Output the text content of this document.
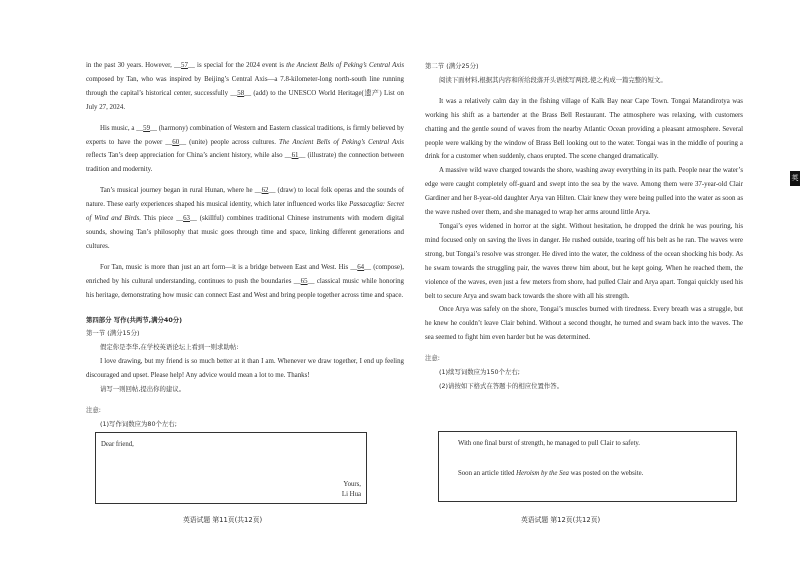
in the past 30 years. However, __57__ is special for the 2024 event is the Ancient Bells of Peking’s Central Axis composed by Tan, who was inspired by Beijing’s Central Axis—a 7.8-kilometer-long north-south line running through the capital’s historical center, successfully __58__ (add) to the UNESCO World Heritage(遗产) List on July 27, 2024.

His music, a __59__ (harmony) combination of Western and Eastern classical traditions, is firmly believed by experts to have the power __60__ (unite) people across cultures. The Ancient Bells of Peking’s Central Axis reflects Tan’s deep appreciation for China’s ancient history, while also __61__ (illustrate) the connection between tradition and modernity.

Tan’s musical journey began in rural Hunan, where he __62__ (draw) to local folk operas and the sounds of nature. These early experiences shaped his musical identity, which later influenced works like Passacaglia: Secret of Wind and Birds. This piece __63__ (skillful) combines traditional Chinese instruments with modern digital sounds, showing Tan’s philosophy that music goes through time and space, linking different generations and cultures.

For Tan, music is more than just an art form—it is a bridge between East and West. His __64__ (compose), enriched by his cultural understanding, continues to push the boundaries __65__ classical music while honoring his heritage, demonstrating how music can connect East and West and bring people together across time and space.

第四部分 写作(共两节,满分40分)

第一节 (满分15分)

假定你是李华,在学校英语论坛上看到一则求助帖:

I love drawing, but my friend is so much better at it than I am. Whenever we draw together, I end up feeling discouraged and upset. Please help! Any advice would mean a lot to me. Thanks!

请写一则回帖,提出你的建议。

注意:

(1)写作词数应为80个左右;

Dear friend,
Yours,
Li Hua
英语试题 第11页(共12页)

第二节 (满分25分)

阅读下面材料,根据其内容和所给段落开头语续写两段,使之构成一篇完整的短文。

It was a relatively calm day in the fishing village of Kalk Bay near Cape Town. Tongai Matandirotya was working his shift as a bartender at the Brass Bell Restaurant. The atmosphere was relaxing, with customers chatting and the gentle sound of waves from the nearby Atlantic Ocean providing a pleasant atmosphere. Several people were walking by the window of Brass Bell looking out to the water. Tongai was in the middle of pouring a drink for a customer when suddenly, chaos erupted. The scene changed dramatically.

A massive wild wave charged towards the shore, washing away everything in its path. People near the water’s edge were caught completely off-guard and swept into the sea by the wave. Among them were 37-year-old Clair Gardiner and her 8-year-old daughter Arya van Hilten. Clair knew they were being pulled into the water as soon as the wave rushed over them, and she managed to wrap her arms around little Arya.

Tongai’s eyes widened in horror at the sight. Without hesitation, he dropped the drink he was pouring, his mind focused only on saving the lives in danger. He rushed outside, tearing off his belt as he ran. The waves were strong, but Tongai’s resolve was stronger. He dived into the water, the coldness of the ocean shocking his body. As he swam towards the struggling pair, the waves threw him about, but he kept going. When he reached them, the violence of the waves, even just a few meters from shore, had pulled Clair and Arya apart. Tongai quickly used his belt to secure Arya and swam back towards the shore with all his strength.

Once Arya was safely on the shore, Tongai’s muscles burned with tiredness. Every breath was a struggle, but he knew he couldn’t leave Clair behind. Without a second thought, he turned and swam back into the waves. The sea seemed to fight him even harder but he was determined.

注意:

(1)续写词数应为150个左右;

(2)请按如下格式在答题卡的相应位置作答。

With one final burst of strength, he managed to pull Clair to safety.
Soon an article titled Heroism by the Sea was posted on the website.
英语试题 第12页(共12页)
英
